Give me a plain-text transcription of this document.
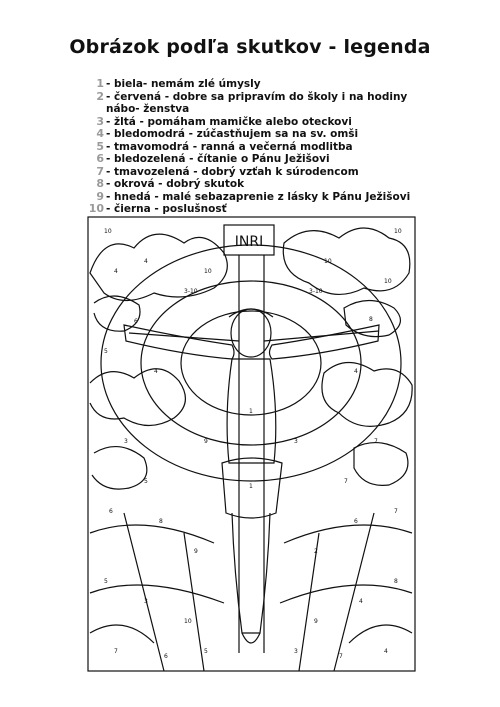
Obrázok podľa skutkov - legenda
1 - biela- nemám zlé úmysly
2 - červená - dobre sa pripravím do školy i na hodiny nábo- ženstva
3 - žltá - pomáham mamičke alebo oteckovi
4 - bledomodrá - zúčastňujem sa na sv. omši
5 - tmavomodrá - ranná a večerná modlitba
6 - bledozelená - čítanie o Pánu Ježišovi
7 - tmavozelená - dobrý vzťah k súrodencom
8 - okrová - dobrý skutok
9 - hnedá - malé sebazaprenie z lásky k Pánu Ježišovi
10 - čierna - poslušnosť
10	10
4
10
10
3-10	3-10
5
4	4
3	7
6
8
9
1
2
6
7
5
3
10	9
4
8
7
6
5	3
1
7
4
6	8
9	3
5	7
10
4
INRI
